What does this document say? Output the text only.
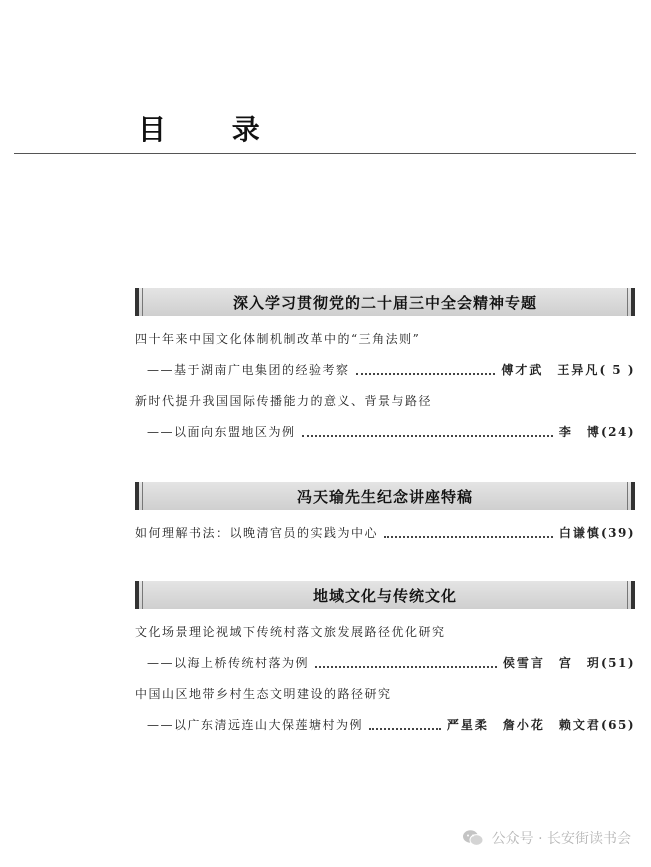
目 录
深入学习贯彻党的二十届三中全会精神专题
四十年来中国文化体制机制改革中的“三角法则”
——基于湖南广电集团的经验考察	傅才武　王异凡 ( 5 )
新时代提升我国国际传播能力的意义、背景与路径
——以面向东盟地区为例	李　博 (24)
冯天瑜先生纪念讲座特稿
如何理解书法：以晚清官员的实践为中心	白谦慎 (39)
地域文化与传统文化
文化场景理论视域下传统村落文旅发展路径优化研究
——以海上桥传统村落为例	侯雪言　宫　玥 (51)
中国山区地带乡村生态文明建设的路径研究
——以广东清远连山大保莲塘村为例	严星柔　詹小花　赖文君 (65)
公众号 · 长安街读书会
